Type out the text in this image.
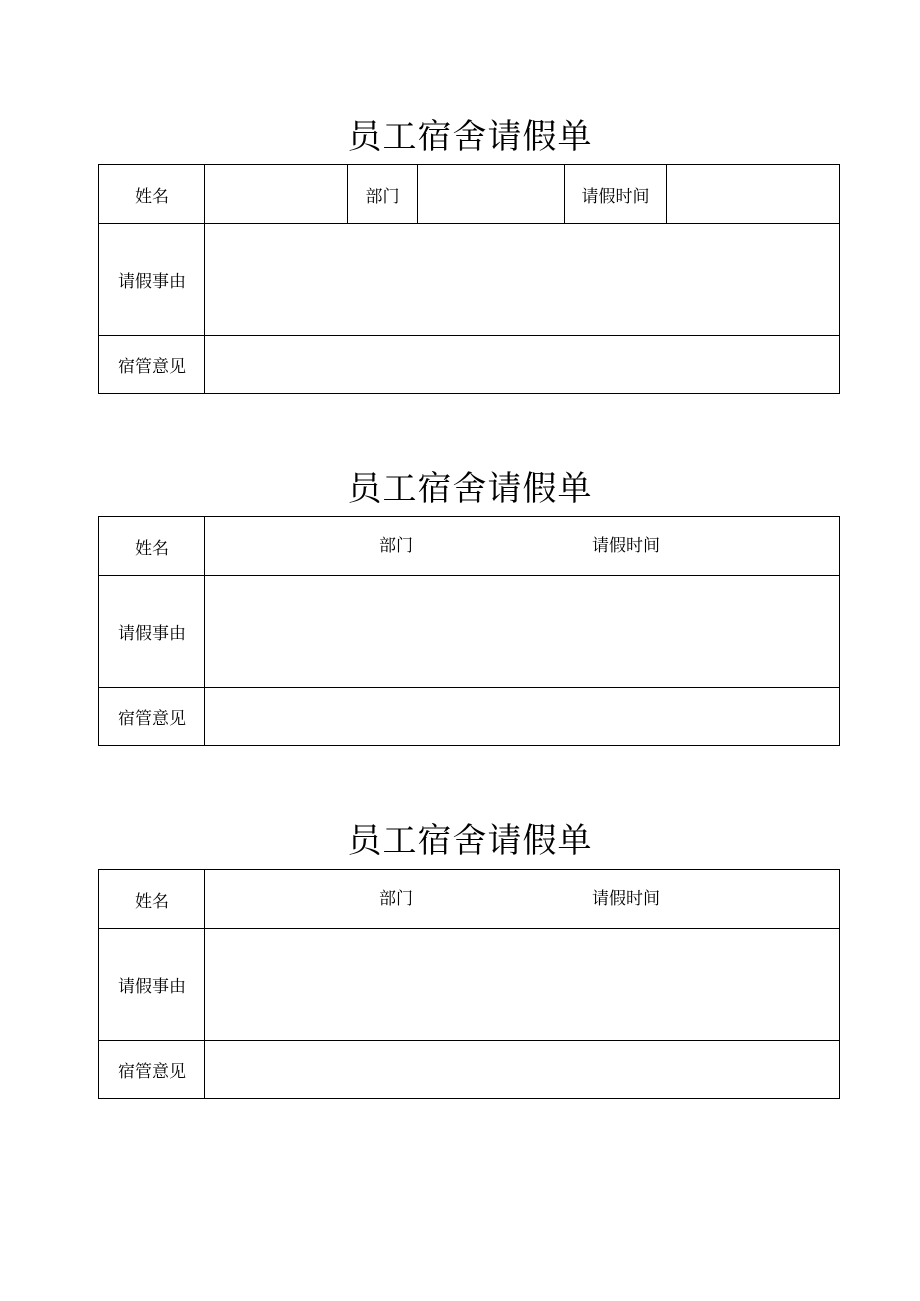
员工宿舍请假单
姓名	部门	请假时间
请假事由
宿管意见
员工宿舍请假单
姓名	部门	请假时间
请假事由
宿管意见
员工宿舍请假单
姓名	部门	请假时间
请假事由
宿管意见
